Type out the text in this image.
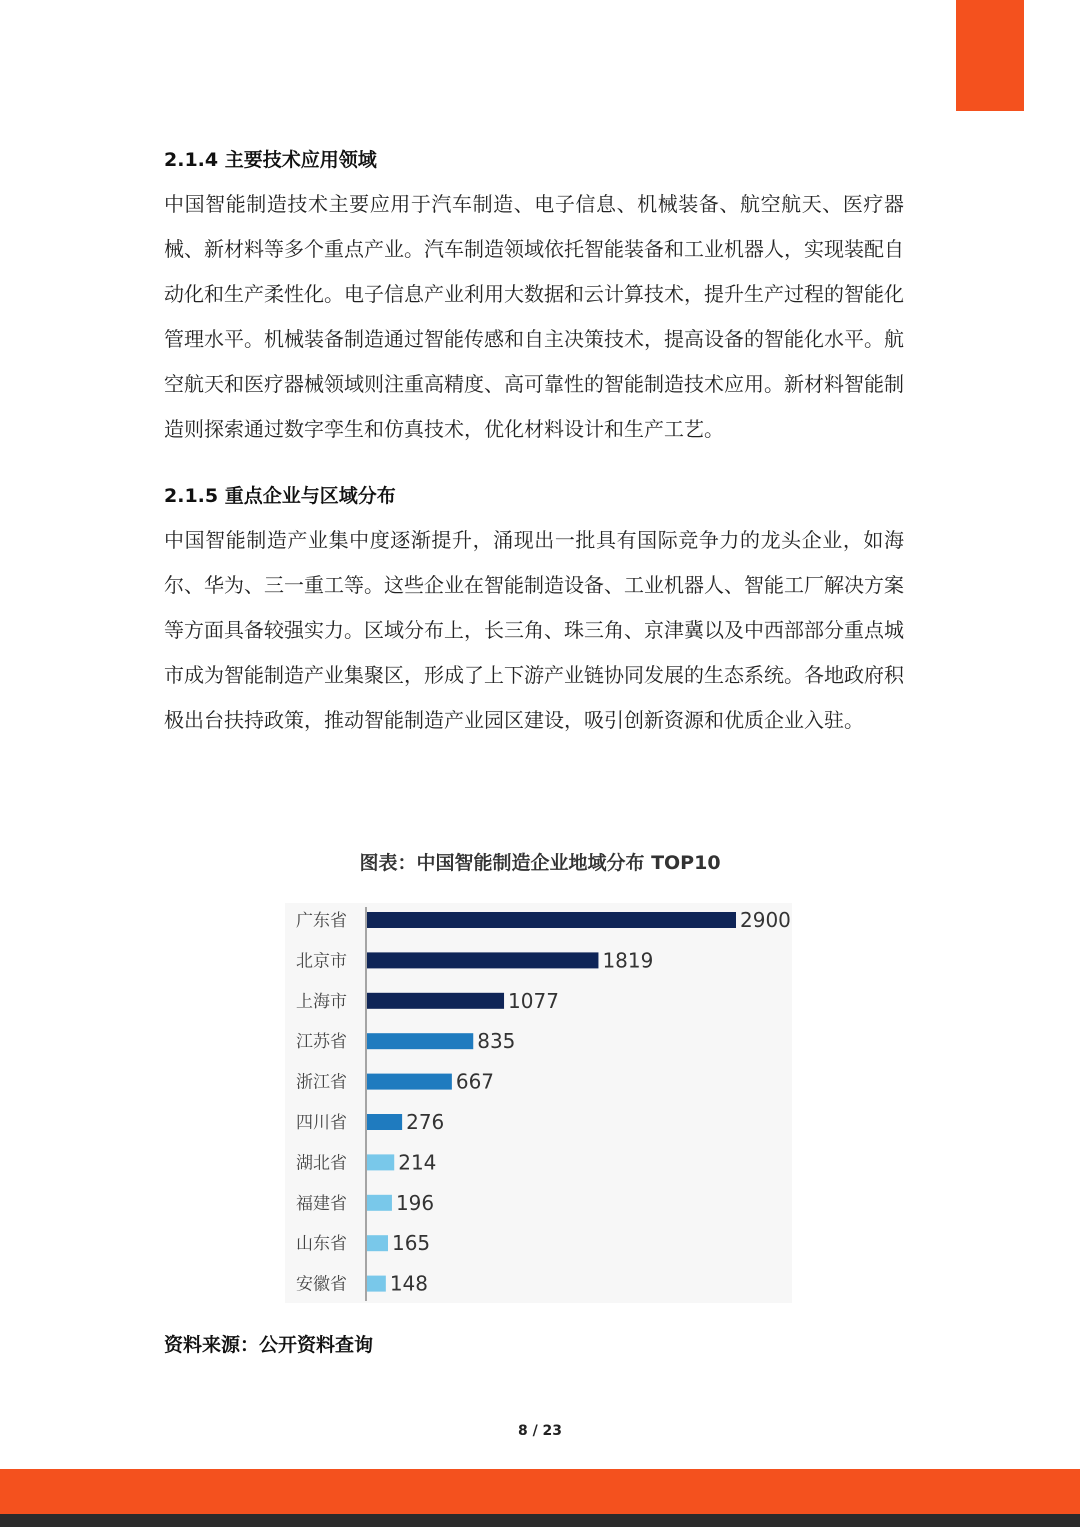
2.1.4 主要技术应用领域

中国智能制造技术主要应用于汽车制造、电子信息、机械装备、航空航天、医疗器械、新材料等多个重点产业。汽车制造领域依托智能装备和工业机器人，实现装配自动化和生产柔性化。电子信息产业利用大数据和云计算技术，提升生产过程的智能化管理水平。机械装备制造通过智能传感和自主决策技术，提高设备的智能化水平。航空航天和医疗器械领域则注重高精度、高可靠性的智能制造技术应用。新材料智能制造则探索通过数字孪生和仿真技术，优化材料设计和生产工艺。

2.1.5 重点企业与区域分布

中国智能制造产业集中度逐渐提升，涌现出一批具有国际竞争力的龙头企业，如海尔、华为、三一重工等。这些企业在智能制造设备、工业机器人、智能工厂解决方案等方面具备较强实力。区域分布上，长三角、珠三角、京津冀以及中西部部分重点城市成为智能制造产业集聚区，形成了上下游产业链协同发展的生态系统。各地政府积极出台扶持政策，推动智能制造产业园区建设，吸引创新资源和优质企业入驻。

图表：中国智能制造企业地域分布 TOP10
广东省	2900
北京市	1819
上海市	1077
江苏省	835
浙江省	667
四川省	276
湖北省	214
福建省 196
山东省 165
安徽省 148
资料来源：公开资料查询
8 / 23
